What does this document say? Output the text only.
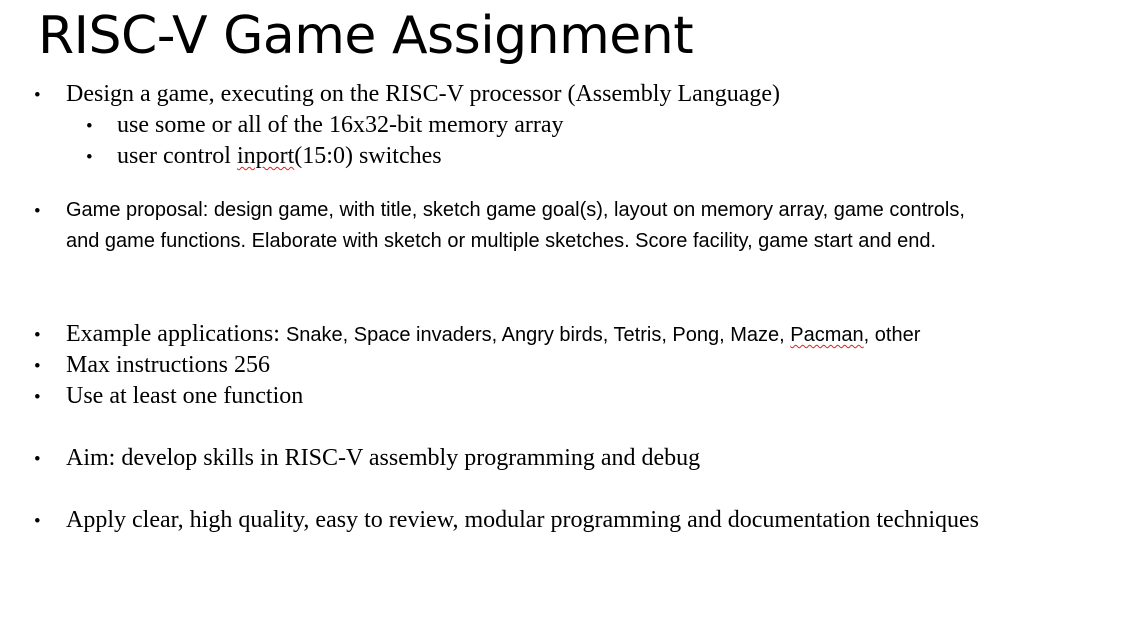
RISC-V Game Assignment
• Design a game, executing on the RISC-V processor (Assembly Language)
• use some or all of the 16x32-bit memory array
• user control inport(15:0) switches
• Game proposal: design game, with title, sketch game goal(s), layout on memory array, game controls,
and game functions. Elaborate with sketch or multiple sketches. Score facility, game start and end.
• Example applications: Snake, Space invaders, Angry birds, Tetris, Pong, Maze, Pacman, other
• Max instructions 256
• Use at least one function
• Aim: develop skills in RISC-V assembly programming and debug
• Apply clear, high quality, easy to review, modular programming and documentation techniques
